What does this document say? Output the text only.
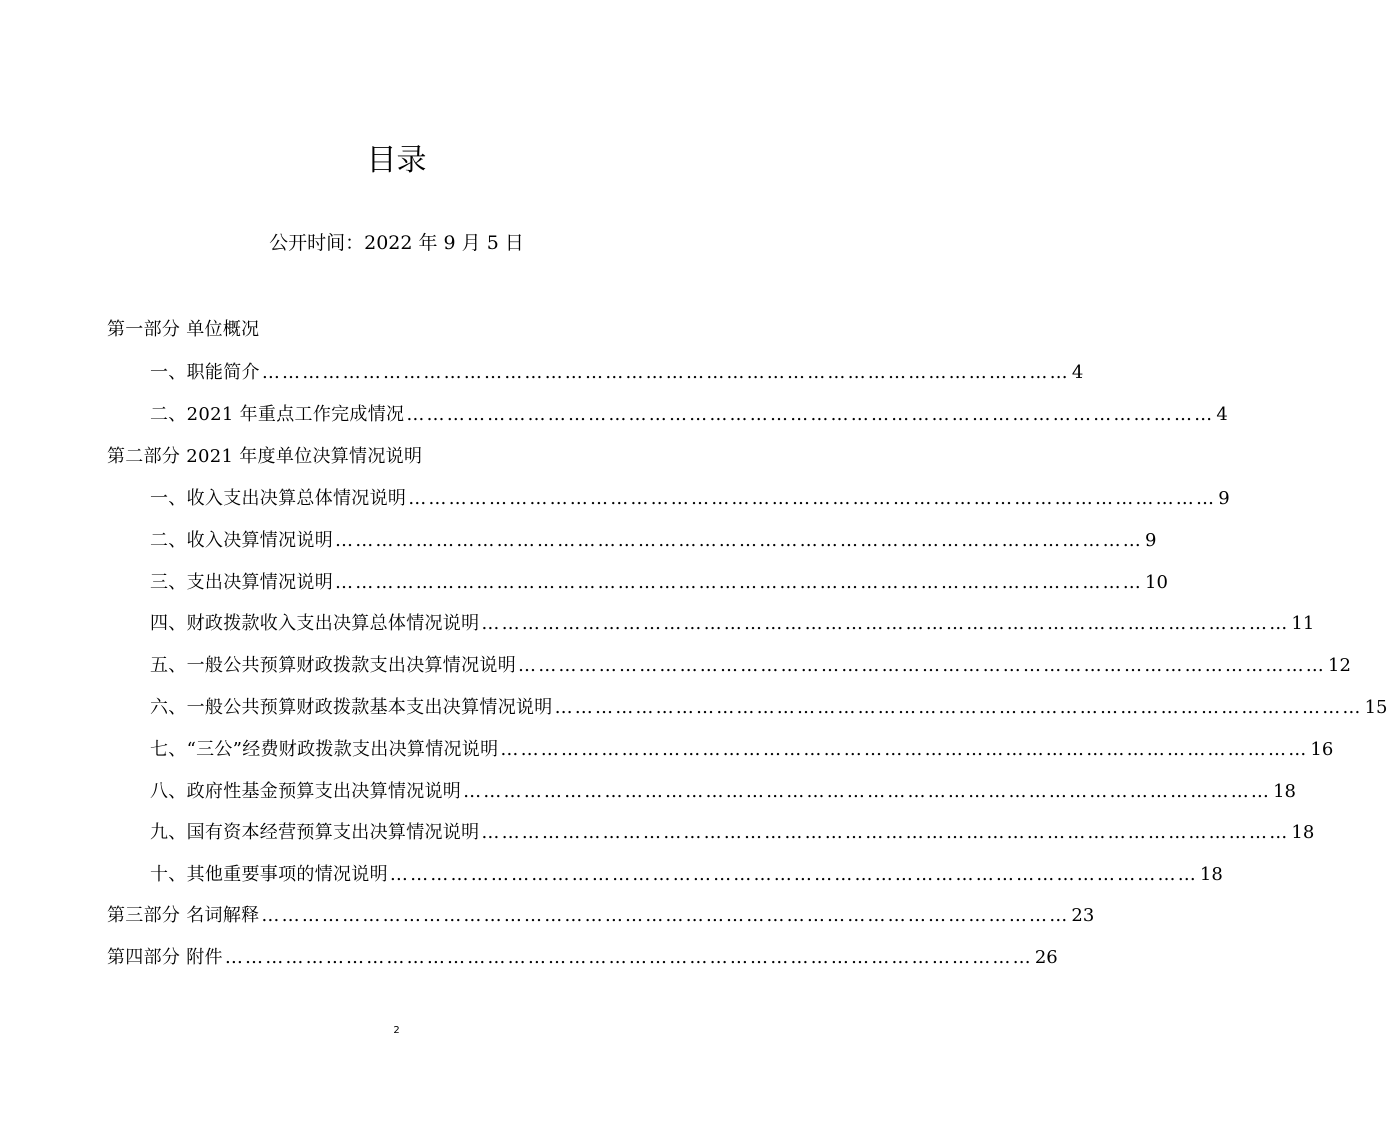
目录
公开时间：2022 年 9 月 5 日
第一部分 单位概况
一、职能简介 ………………………………………………………………………………………………………… 4
二、2021 年重点工作完成情况 ………………………………………………………………………………………………………… 4
第二部分 2021 年度单位决算情况说明
一、收入支出决算总体情况说明 ………………………………………………………………………………………………………… 9
二、收入决算情况说明 ………………………………………………………………………………………………………… 9
三、支出决算情况说明 ………………………………………………………………………………………………………… 10
四、财政拨款收入支出决算总体情况说明 ………………………………………………………………………………………………………… 11
五、一般公共预算财政拨款支出决算情况说明 ………………………………………………………………………………………………………… 12
六、一般公共预算财政拨款基本支出决算情况说明 ………………………………………………………………………………………………………… 15
七、“三公”经费财政拨款支出决算情况说明 ………………………………………………………………………………………………………… 16
八、政府性基金预算支出决算情况说明 ………………………………………………………………………………………………………… 18
九、国有资本经营预算支出决算情况说明 ………………………………………………………………………………………………………… 18
十、其他重要事项的情况说明 ………………………………………………………………………………………………………… 18
第三部分 名词解释 ………………………………………………………………………………………………………… 23
第四部分 附件 ………………………………………………………………………………………………………… 26
2
